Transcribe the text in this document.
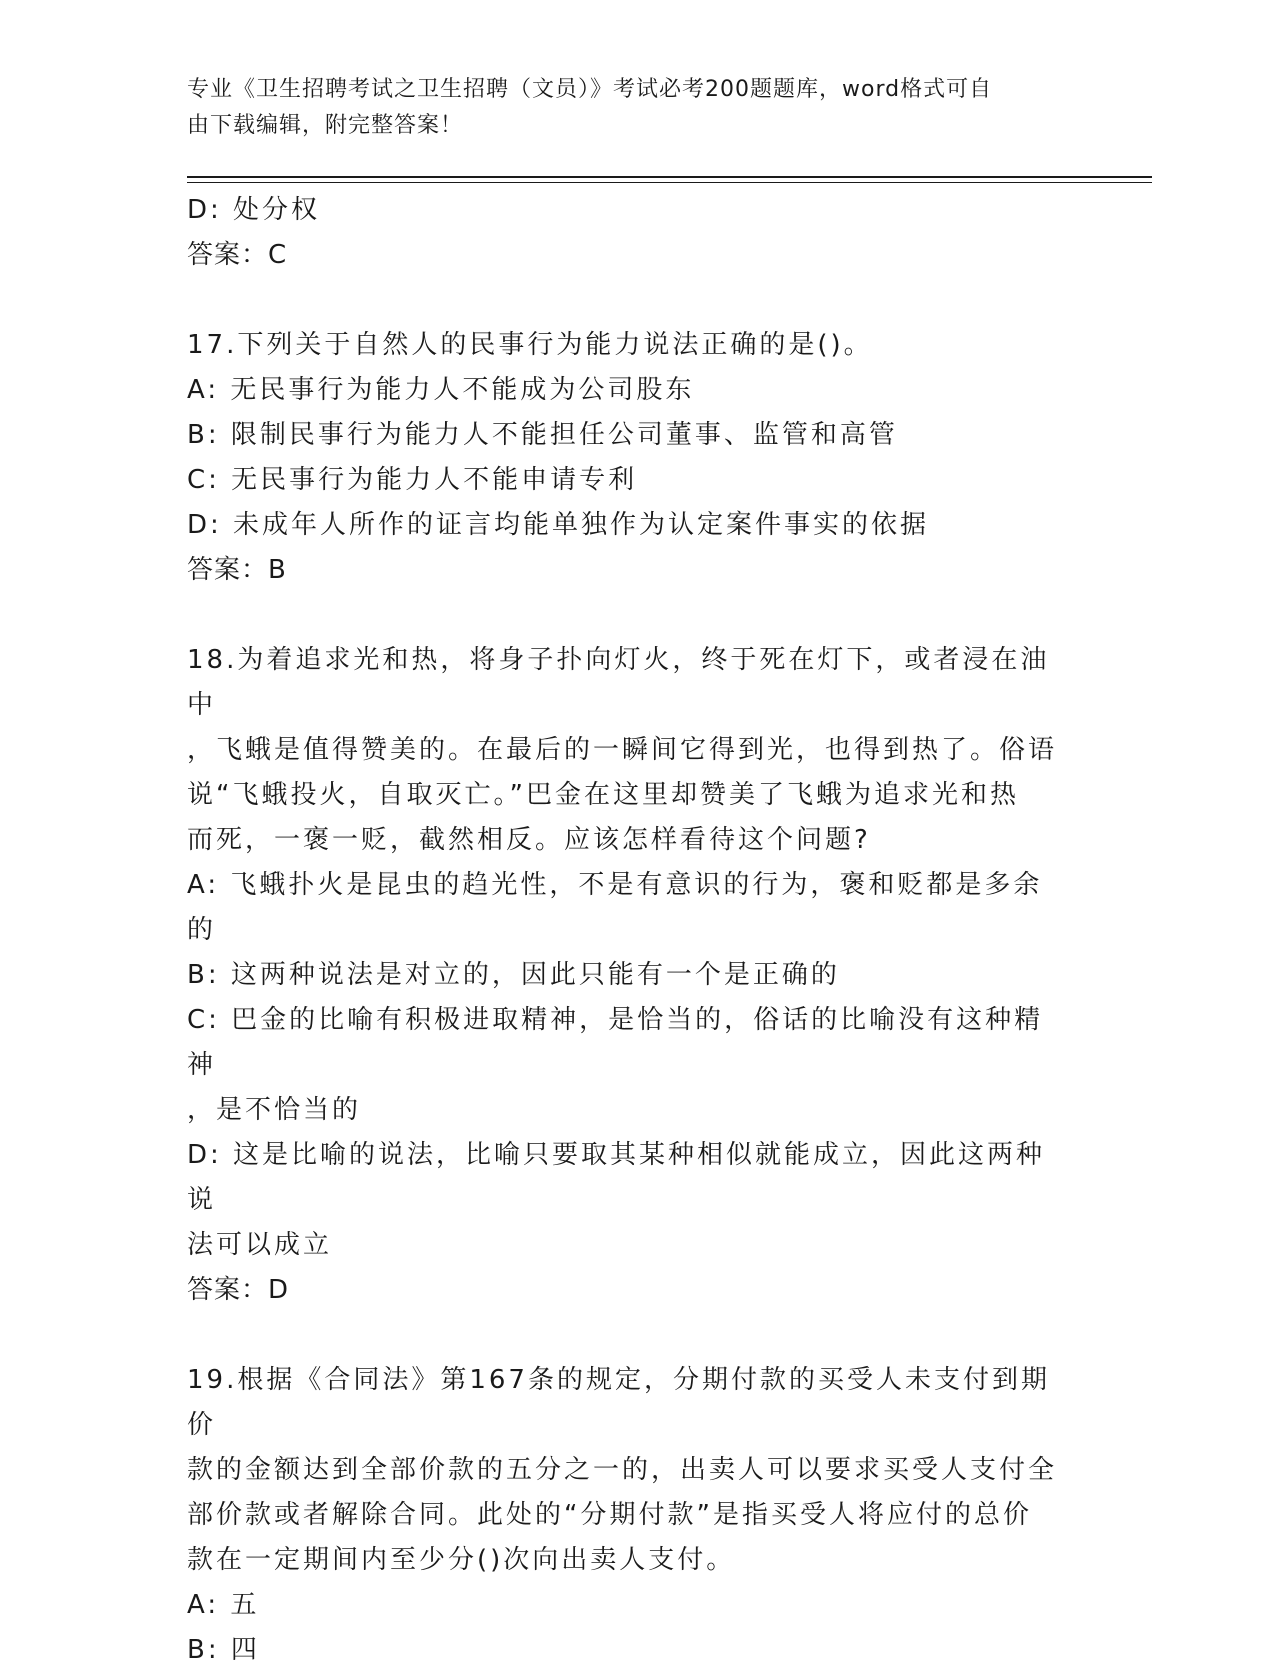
专业《卫生招聘考试之卫生招聘（文员）》考试必考200题题库，word格式可自
由下载编辑，附完整答案！
D: 处分权
答案：C
17.下列关于自然人的民事行为能力说法正确的是()。
A: 无民事行为能力人不能成为公司股东
B: 限制民事行为能力人不能担任公司董事、监管和高管
C: 无民事行为能力人不能申请专利
D: 未成年人所作的证言均能单独作为认定案件事实的依据
答案：B
18.为着追求光和热，将身子扑向灯火，终于死在灯下，或者浸在油中
，飞蛾是值得赞美的。在最后的一瞬间它得到光，也得到热了。俗语
说“飞蛾投火，自取灭亡。”巴金在这里却赞美了飞蛾为追求光和热
而死，一褒一贬，截然相反。应该怎样看待这个问题?
A: 飞蛾扑火是昆虫的趋光性，不是有意识的行为，褒和贬都是多余的
B: 这两种说法是对立的，因此只能有一个是正确的
C: 巴金的比喻有积极进取精神，是恰当的，俗话的比喻没有这种精神
，是不恰当的
D: 这是比喻的说法，比喻只要取其某种相似就能成立，因此这两种说
法可以成立
答案：D
19.根据《合同法》第167条的规定，分期付款的买受人未支付到期价
款的金额达到全部价款的五分之一的，出卖人可以要求买受人支付全
部价款或者解除合同。此处的“分期付款”是指买受人将应付的总价
款在一定期间内至少分()次向出卖人支付。
A: 五
B: 四
